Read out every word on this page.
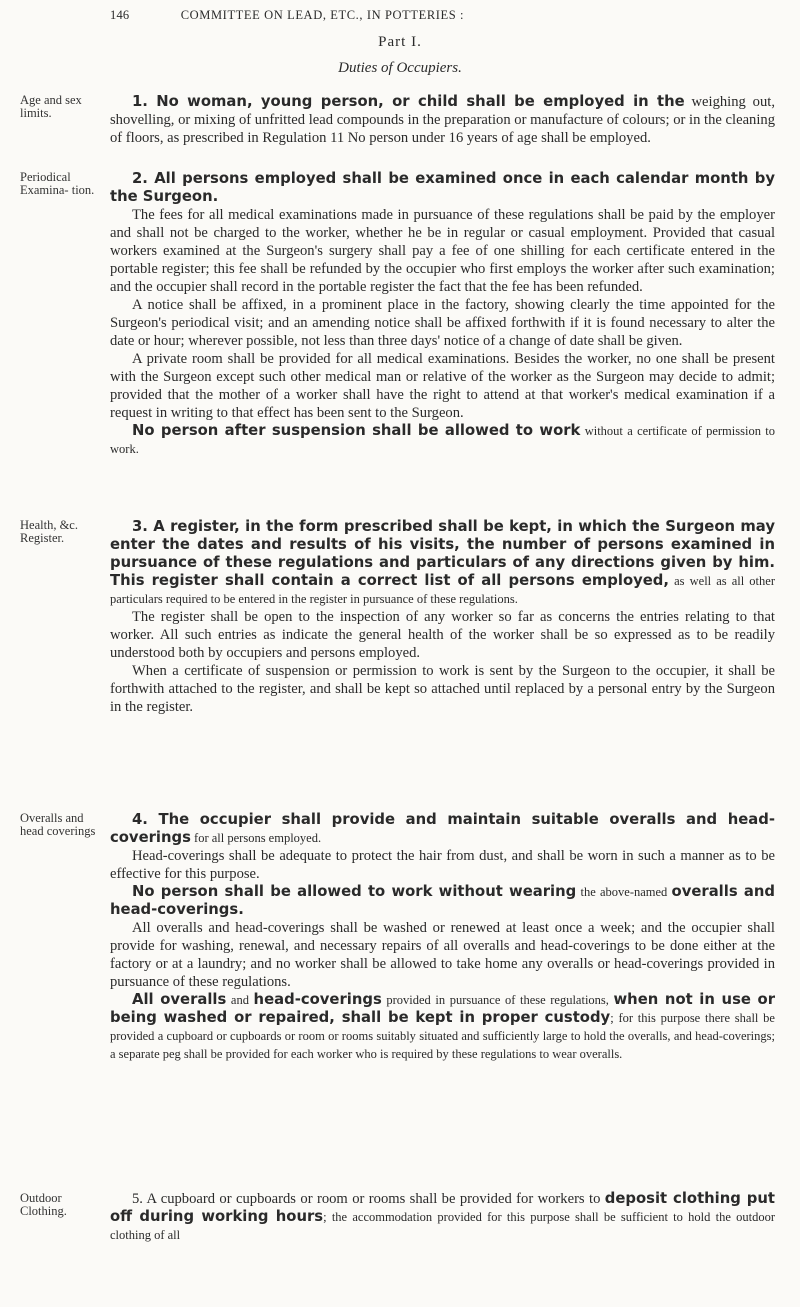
146	COMMITTEE ON LEAD, ETC., IN POTTERIES :
Part I.
Duties of Occupiers.
Age and sex limits.
Periodical Examina- tion.
Health, &c. Register.
Overalls and head coverings
Outdoor Clothing.

1. No woman, young person, or child shall be employed in the weighing out, shovelling, or mixing of unfritted lead compounds in the preparation or manufacture of colours; or in the cleaning of floors, as prescribed in Regulation 11 No person under 16 years of age shall be employed.

2. All persons employed shall be examined once in each calendar month by the Surgeon.

The fees for all medical examinations made in pursuance of these regulations shall be paid by the employer and shall not be charged to the worker, whether he be in regular or casual employment. Provided that casual workers examined at the Surgeon's surgery shall pay a fee of one shilling for each certificate entered in the portable register; this fee shall be refunded by the occupier who first employs the worker after such examination; and the occupier shall record in the portable register the fact that the fee has been refunded.

A notice shall be affixed, in a prominent place in the factory, showing clearly the time appointed for the Surgeon's periodical visit; and an amending notice shall be affixed forthwith if it is found necessary to alter the date or hour; wherever possible, not less than three days' notice of a change of date shall be given.

A private room shall be provided for all medical examinations. Besides the worker, no one shall be present with the Surgeon except such other medical man or relative of the worker as the Surgeon may decide to admit; provided that the mother of a worker shall have the right to attend at that worker's medical examination if a request in writing to that effect has been sent to the Surgeon.

No person after suspension shall be allowed to work without a certificate of permission to work.

3. A register, in the form prescribed shall be kept, in which the Surgeon may enter the dates and results of his visits, the number of persons examined in pursuance of these regulations and particulars of any directions given by him. This register shall contain a correct list of all persons employed, as well as all other particulars required to be entered in the register in pursuance of these regulations.

The register shall be open to the inspection of any worker so far as concerns the entries relating to that worker. All such entries as indicate the general health of the worker shall be so expressed as to be readily understood both by occupiers and persons employed.

When a certificate of suspension or permission to work is sent by the Surgeon to the occupier, it shall be forthwith attached to the register, and shall be kept so attached until replaced by a personal entry by the Surgeon in the register.

4. The occupier shall provide and maintain suitable overalls and head-coverings for all persons employed.

Head-coverings shall be adequate to protect the hair from dust, and shall be worn in such a manner as to be effective for this purpose.

No person shall be allowed to work without wearing the above-named overalls and head-coverings.

All overalls and head-coverings shall be washed or renewed at least once a week; and the occupier shall provide for washing, renewal, and necessary repairs of all overalls and head-coverings to be done either at the factory or at a laundry; and no worker shall be allowed to take home any overalls or head-coverings provided in pursuance of these regulations.

All overalls and head-coverings provided in pursuance of these regulations, when not in use or being washed or repaired, shall be kept in proper custody; for this purpose there shall be provided a cupboard or cupboards or room or rooms suitably situated and sufficiently large to hold the overalls, and head-coverings; a separate peg shall be provided for each worker who is required by these regulations to wear overalls.

5. A cupboard or cupboards or room or rooms shall be provided for workers to deposit clothing put off during working hours; the accommodation provided for this purpose shall be sufficient to hold the outdoor clothing of all
